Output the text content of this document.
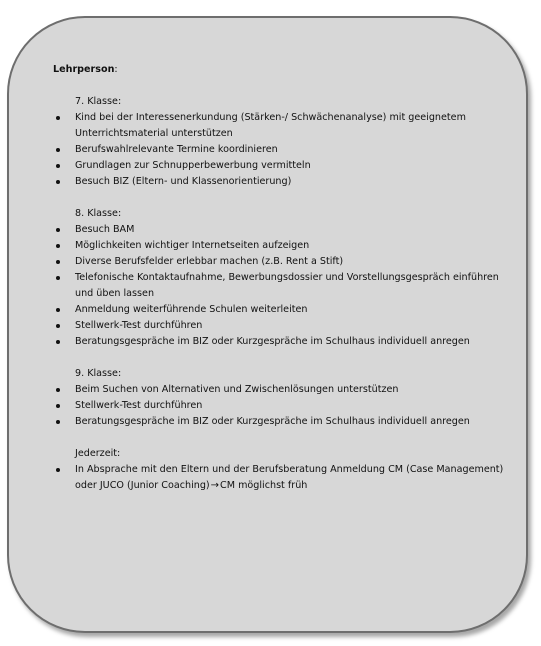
Lehrperson:

7. Klasse:

Kind bei der Interessenerkundung (Stärken-/ Schwächenanalyse) mit geeignetem Unterrichtsmaterial unterstützen
Berufswahlrelevante Termine koordinieren
Grundlagen zur Schnupperbewerbung vermitteln
Besuch BIZ (Eltern- und Klassenorientierung)

8. Klasse:

Besuch BAM
Möglichkeiten wichtiger Internetseiten aufzeigen
Diverse Berufsfelder erlebbar machen (z.B. Rent a Stift)
Telefonische Kontaktaufnahme, Bewerbungsdossier und Vorstellungsgespräch einführen und üben lassen
Anmeldung weiterführende Schulen weiterleiten
Stellwerk-Test durchführen
Beratungsgespräche im BIZ oder Kurzgespräche im Schulhaus individuell anregen

9. Klasse:

Beim Suchen von Alternativen und Zwischenlösungen unterstützen
Stellwerk-Test durchführen
Beratungsgespräche im BIZ oder Kurzgespräche im Schulhaus individuell anregen

Jederzeit:

In Absprache mit den Eltern und der Berufsberatung Anmeldung CM (Case Management) oder JUCO (Junior Coaching)→CM möglichst früh
